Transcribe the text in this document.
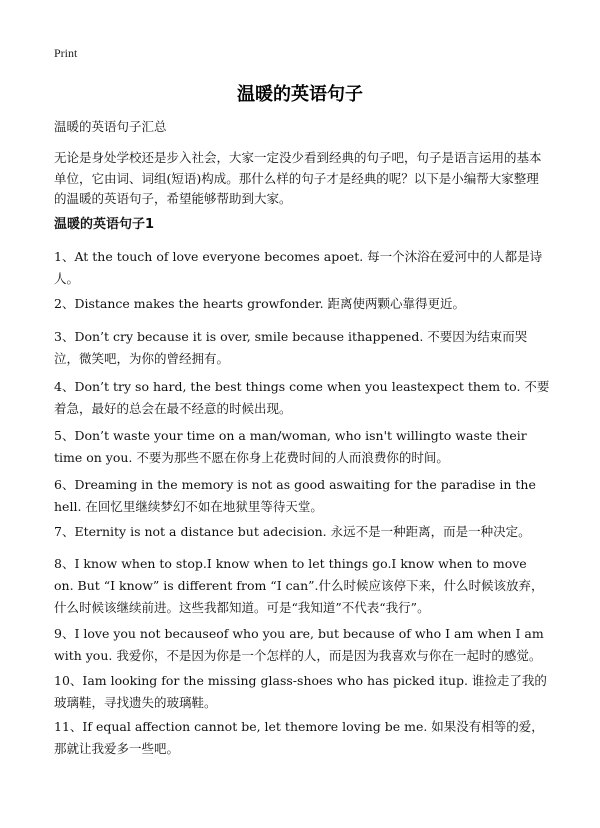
Print
温暖的英语句子
温暖的英语句子汇总
无论是身处学校还是步入社会，大家一定没少看到经典的句子吧，句子是语言运用的基本单位，它由词、词组(短语)构成。那什么样的句子才是经典的呢？以下是小编帮大家整理的温暖的英语句子，希望能够帮助到大家。
温暖的英语句子1
1、At the touch of love everyone becomes apoet. 每一个沐浴在爱河中的人都是诗人。
2、Distance makes the hearts growfonder. 距离使两颗心靠得更近。
3、Don’t cry because it is over, smile because ithappened. 不要因为结束而哭泣，微笑吧，为你的曾经拥有。
4、Don’t try so hard, the best things come when you leastexpect them to. 不要着急，最好的总会在最不经意的时候出现。
5、Don’t waste your time on a man/woman, who isn't willingto waste their time on you. 不要为那些不愿在你身上花费时间的人而浪费你的时间。
6、Dreaming in the memory is not as good aswaiting for the paradise in the hell. 在回忆里继续梦幻不如在地狱里等待天堂。
7、Eternity is not a distance but adecision. 永远不是一种距离，而是一种决定。
8、I know when to stop.I know when to let things go.I know when to move on. But “I know” is different from “I can”.什么时候应该停下来，什么时候该放弃，什么时候该继续前进。这些我都知道。可是“我知道”不代表“我行”。
9、I love you not becauseof who you are, but because of who I am when I am with you. 我爱你，不是因为你是一个怎样的人，而是因为我喜欢与你在一起时的感觉。
10、Iam looking for the missing glass-shoes who has picked itup. 谁捡走了我的玻璃鞋，寻找遗失的玻璃鞋。
11、If equal affection cannot be, let themore loving be me. 如果没有相等的爱，那就让我爱多一些吧。
